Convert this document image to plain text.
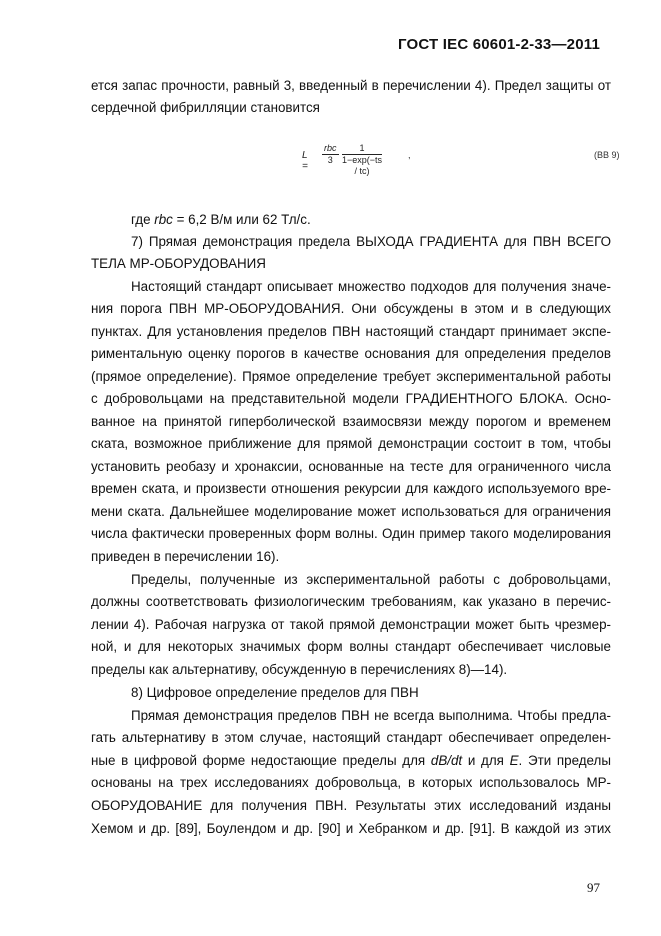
ГОСТ IEC 60601-2-33—2011
ется запас прочности, равный 3, введенный в перечислении 4). Предел защиты от
сердечной фибрилляции становится
где rbc = 6,2 В/м или 62 Тл/с.
7) Прямая демонстрация предела ВЫХОДА ГРАДИЕНТА для ПВН ВСЕГО
ТЕЛА МР-ОБОРУДОВАНИЯ
Настоящий стандарт описывает множество подходов для получения значе-
ния порога ПВН МР-ОБОРУДОВАНИЯ. Они обсуждены в этом и в следующих
пунктах. Для установления пределов ПВН настоящий стандарт принимает экспе-
риментальную оценку порогов в качестве основания для определения пределов
(прямое определение). Прямое определение требует экспериментальной работы
с добровольцами на представительной модели ГРАДИЕНТНОГО БЛОКА. Осно-
ванное на принятой гиперболической взаимосвязи между порогом и временем
ската, возможное приближение для прямой демонстрации состоит в том, чтобы
установить реобазу и хронаксии, основанные на тесте для ограниченного числа
времен ската, и произвести отношения рекурсии для каждого используемого вре-
мени ската. Дальнейшее моделирование может использоваться для ограничения
числа фактически проверенных форм волны. Один пример такого моделирования
приведен в перечислении 16).
Пределы, полученные из экспериментальной работы с добровольцами,
должны соответствовать физиологическим требованиям, как указано в перечис-
лении 4). Рабочая нагрузка от такой прямой демонстрации может быть чрезмер-
ной, и для некоторых значимых форм волны стандарт обеспечивает числовые
пределы как альтернативу, обсужденную в перечислениях 8)—14).
8) Цифровое определение пределов для ПВН
Прямая демонстрация пределов ПВН не всегда выполнима. Чтобы предла-
гать альтернативу в этом случае, настоящий стандарт обеспечивает определен-
ные в цифровой форме недостающие пределы для dB/dt и для E. Эти пределы
основаны на трех исследованиях добровольца, в которых использовалось МР-
ОБОРУДОВАНИЕ для получения ПВН. Результаты этих исследований изданы
Хемом и др. [89], Боулендом и др. [90] и Хебранком и др. [91]. В каждой из этих
L =
rbc
3	$\frac{1}{1-\exp(-ts / tc)}$	,	(BB 9)
97
